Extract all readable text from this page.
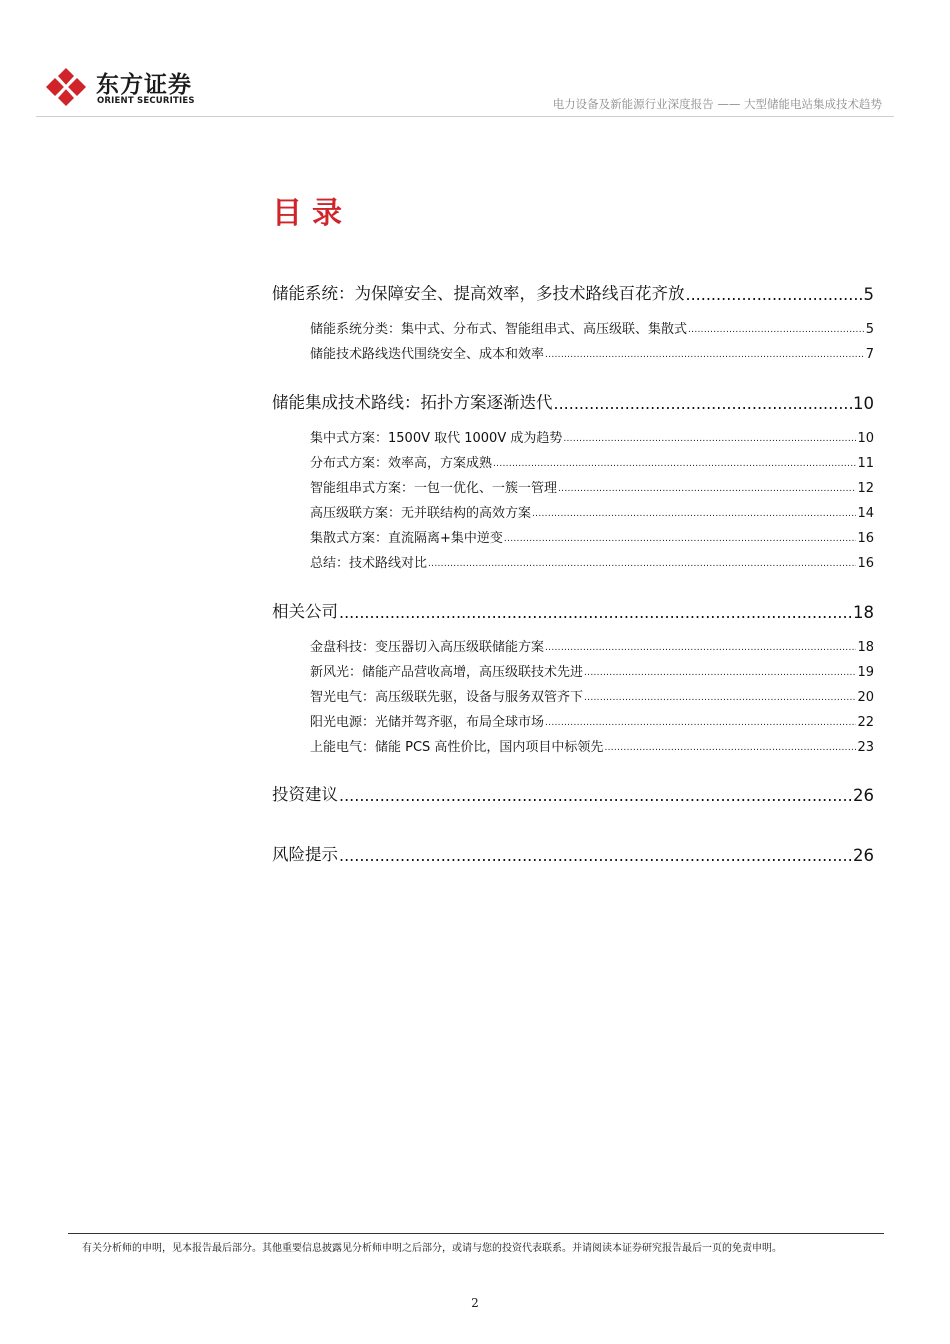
东方证券
ORIENT SECURITIES	电力设备及新能源行业深度报告 —— 大型储能电站集成技术趋势
目录
储能系统：为保障安全、提高效率，多技术路线百花齐放 .....	5
储能系统分类：集中式、分布式、智能组串式、高压级联、集散式 .....	5
储能技术路线迭代围绕安全、成本和效率 .....	7
储能集成技术路线：拓扑方案逐渐迭代 .....	10
集中式方案：1500V 取代 1000V 成为趋势 .....	10
分布式方案：效率高，方案成熟 .....	11
智能组串式方案：一包一优化、一簇一管理 .....	12
高压级联方案：无并联结构的高效方案 .....	14
集散式方案：直流隔离+集中逆变 .....	16
总结：技术路线对比 .....	16
相关公司 .....	18
金盘科技：变压器切入高压级联储能方案 .....	18
新风光：储能产品营收高增，高压级联技术先进 .....	19
智光电气：高压级联先驱，设备与服务双管齐下 .....	20
阳光电源：光储并驾齐驱，布局全球市场 .....	22
上能电气：储能 PCS 高性价比，国内项目中标领先 .....	23
投资建议 .....	26
风险提示 .....	26
有关分析师的申明，见本报告最后部分。其他重要信息披露见分析师申明之后部分，或请与您的投资代表联系。并请阅读本证券研究报告最后一页的免责申明。
2
